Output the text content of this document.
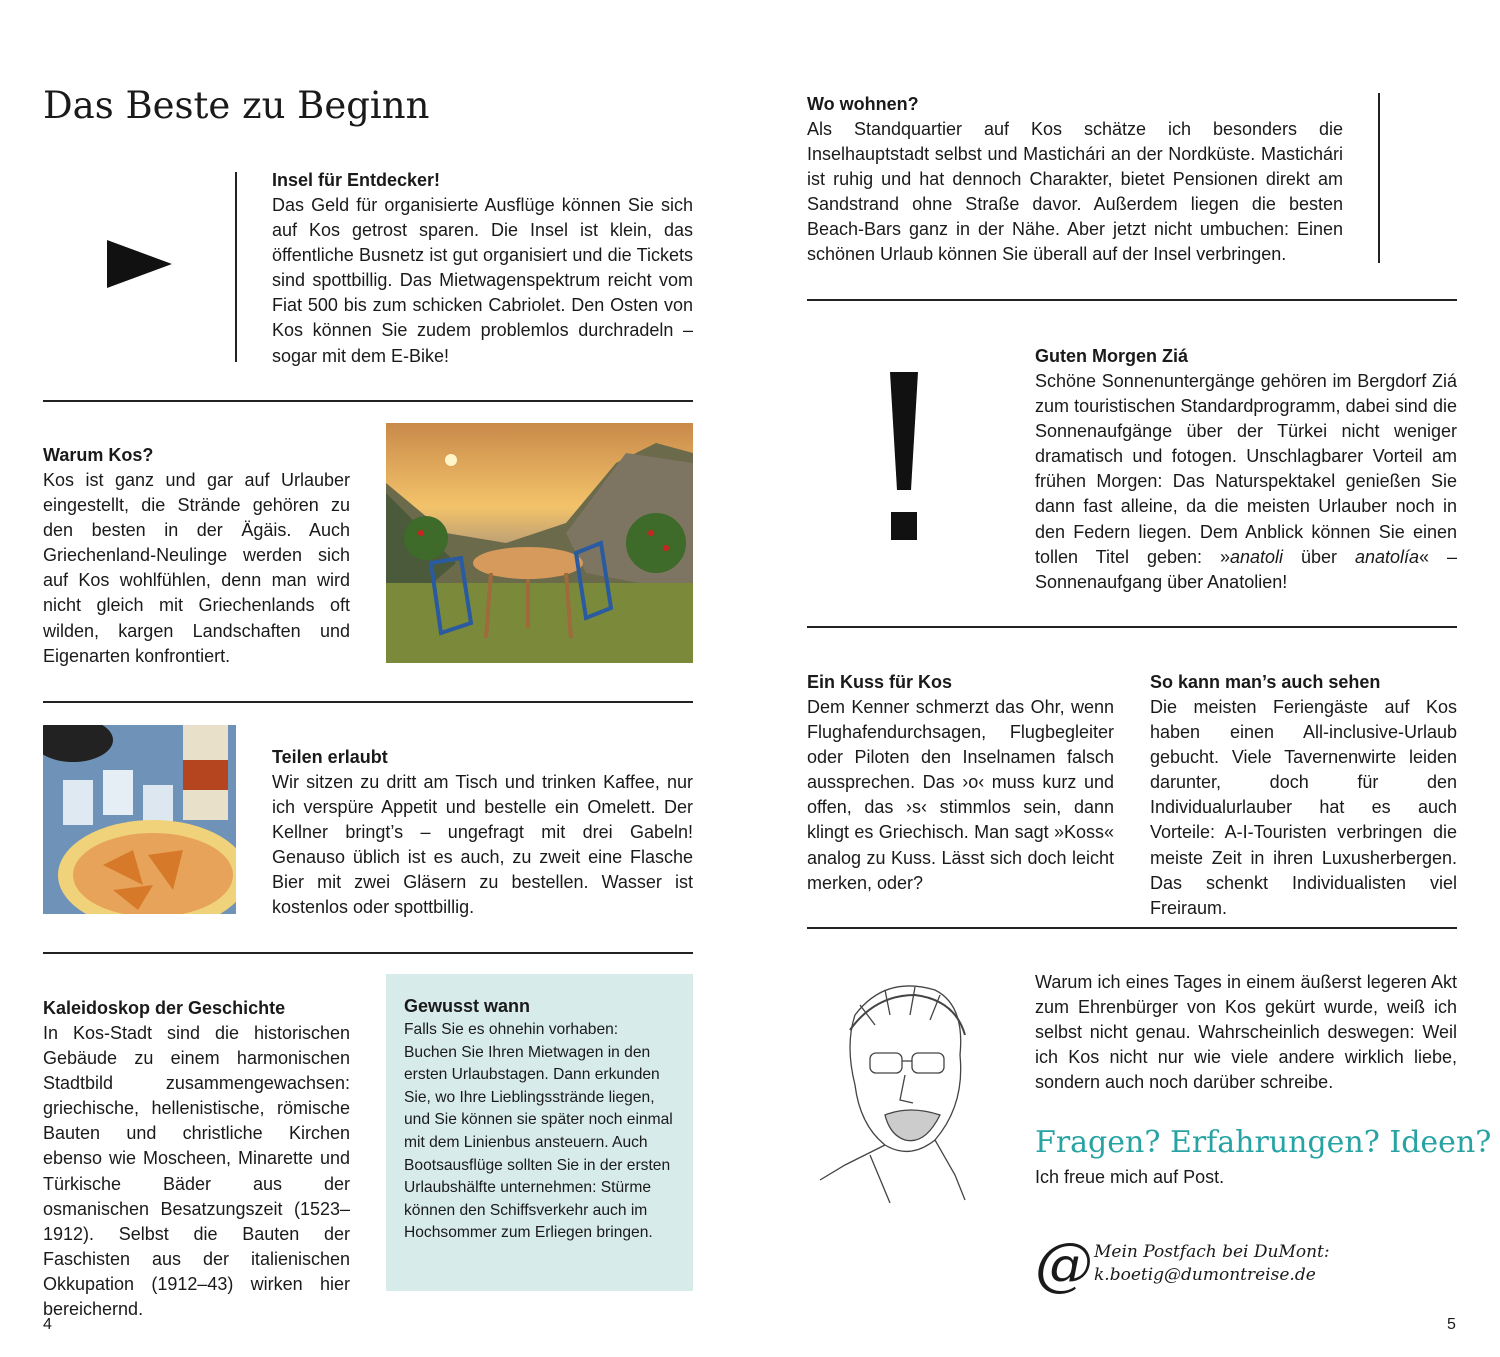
Das Beste zu Beginn
Insel für Entdecker!

Das Geld für organisierte Ausflüge können Sie sich auf Kos getrost sparen. Die Insel ist klein, das öffentliche Busnetz ist gut organisiert und die Tickets sind spottbillig. Das Mietwagenspektrum reicht vom Fiat 500 bis zum schicken Cabriolet. Den Osten von Kos können Sie zudem problemlos durchradeln – sogar mit dem E-Bike!

Warum Kos?

Kos ist ganz und gar auf Urlauber eingestellt, die Strände gehören zu den besten in der Ägäis. Auch Griechenland-Neulinge werden sich auf Kos wohlfühlen, denn man wird nicht gleich mit Griechenlands oft wilden, kargen Landschaften und Eigenarten konfrontiert.

Teilen erlaubt

Wir sitzen zu dritt am Tisch und trinken Kaffee, nur ich verspüre Appetit und bestelle ein Omelett. Der Kellner bringt’s – ungefragt mit drei Gabeln! Genauso üblich ist es auch, zu zweit eine Flasche Bier mit zwei Gläsern zu bestellen. Wasser ist kostenlos oder spottbillig.

Kaleidoskop der Geschichte

In Kos-Stadt sind die historischen Gebäude zu einem harmonischen Stadtbild zusammengewachsen: griechische, hellenistische, römische Bauten und christliche Kirchen ebenso wie Moscheen, Minarette und Türkische Bäder aus der osmanischen Besatzungszeit (1523–1912). Selbst die Bauten der Faschisten aus der italienischen Okkupation (1912–43) wirken hier bereichernd.

Gewusst wann

Falls Sie es ohnehin vorhaben: Buchen Sie Ihren Mietwagen in den ersten Urlaubstagen. Dann erkunden Sie, wo Ihre Lieblingsstrände liegen, und Sie können sie später noch einmal mit dem Linienbus ansteuern. Auch Bootsausflüge sollten Sie in der ersten Urlaubshälfte unternehmen: Stürme können den Schiffsverkehr auch im Hochsommer zum Erliegen bringen.

4
Wo wohnen?

Als Standquartier auf Kos schätze ich besonders die Inselhauptstadt selbst und Mastichári an der Nordküste. Mastichári ist ruhig und hat dennoch Charakter, bietet Pensionen direkt am Sandstrand ohne Straße davor. Außerdem liegen die besten Beach-Bars ganz in der Nähe. Aber jetzt nicht umbuchen: Einen schönen Urlaub können Sie überall auf der Insel verbringen.

Guten Morgen Ziá

Schöne Sonnenuntergänge gehören im Bergdorf Ziá zum touristischen Standardprogramm, dabei sind die Sonnenaufgänge über der Türkei nicht weniger dramatisch und fotogen. Unschlagbarer Vorteil am frühen Morgen: Das Naturspektakel genießen Sie dann fast alleine, da die meisten Urlauber noch in den Federn liegen. Dem Anblick können Sie einen tollen Titel geben: »anatoli über anatolía« – Sonnenaufgang über Anatolien!

Ein Kuss für Kos

Dem Kenner schmerzt das Ohr, wenn Flughafendurchsagen, Flugbegleiter oder Piloten den Inselnamen falsch aussprechen. Das ›o‹ muss kurz und offen, das ›s‹ stimmlos sein, dann klingt es Griechisch. Man sagt »Koss« analog zu Kuss. Lässt sich doch leicht merken, oder?

So kann man’s auch sehen

Die meisten Feriengäste auf Kos haben einen All-inclusive-Urlaub gebucht. Viele Tavernenwirte leiden darunter, doch für den Individualurlauber hat es auch Vorteile: A-I-Touristen verbringen die meiste Zeit in ihren Luxusherbergen. Das schenkt Individualisten viel Freiraum.

Warum ich eines Tages in einem äußerst legeren Akt zum Ehrenbürger von Kos gekürt wurde, weiß ich selbst nicht genau. Wahrscheinlich deswegen: Weil ich Kos nicht nur wie viele andere wirklich liebe, sondern auch noch darüber schreibe.

Fragen? Erfahrungen? Ideen?
Ich freue mich auf Post.
@ Mein Postfach bei DuMont:
k.boetig@dumontreise.de
5
